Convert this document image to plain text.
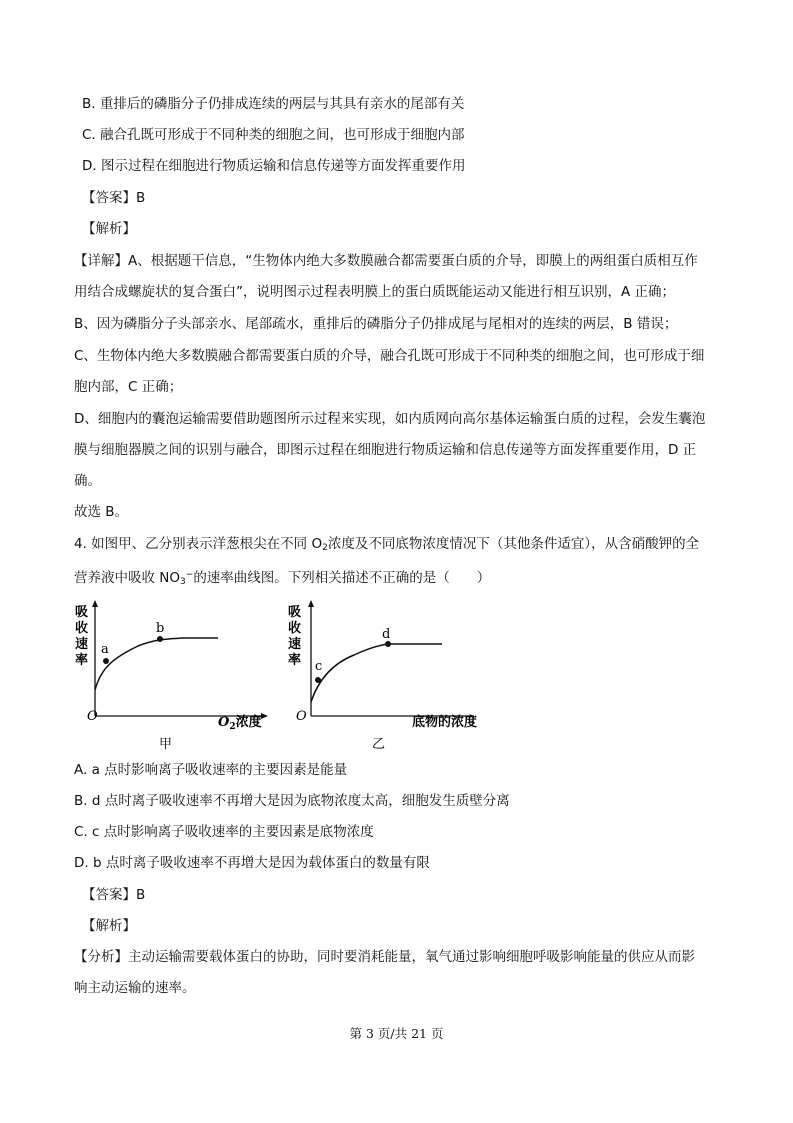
B. 重排后的磷脂分子仍排成连续的两层与其具有亲水的尾部有关
C. 融合孔既可形成于不同种类的细胞之间，也可形成于细胞内部
D. 图示过程在细胞进行物质运输和信息传递等方面发挥重要作用
【答案】B
【解析】
【详解】A、根据题干信息，“生物体内绝大多数膜融合都需要蛋白质的介导，即膜上的两组蛋白质相互作
用结合成螺旋状的复合蛋白”，说明图示过程表明膜上的蛋白质既能运动又能进行相互识别，A 正确；
B、因为磷脂分子头部亲水、尾部疏水，重排后的磷脂分子仍排成尾与尾相对的连续的两层，B 错误；
C、生物体内绝大多数膜融合都需要蛋白质的介导，融合孔既可形成于不同种类的细胞之间，也可形成于细
胞内部，C 正确；
D、细胞内的囊泡运输需要借助题图所示过程来实现，如内质网向高尔基体运输蛋白质的过程，会发生囊泡
膜与细胞器膜之间的识别与融合，即图示过程在细胞进行物质运输和信息传递等方面发挥重要作用，D 正
确。
故选 B。
4. 如图甲、乙分别表示洋葱根尖在不同 $O_2$浓度及不同底物浓度情况下（其他条件适宜），从含硝酸钾的全
营养液中吸收 $NO_3^-$的速率曲线图。下列相关描述不正确的是（　　）
吸
收
速
率
O
a
b
$O_2$浓度
甲
吸
收
速
率
O
c
d
底物的浓度
乙
A. a 点时影响离子吸收速率的主要因素是能量
B. d 点时离子吸收速率不再增大是因为底物浓度太高，细胞发生质壁分离
C. c 点时影响离子吸收速率的主要因素是底物浓度
D. b 点时离子吸收速率不再增大是因为载体蛋白的数量有限
【答案】B
【解析】
【分析】主动运输需要载体蛋白的协助，同时要消耗能量，氧气通过影响细胞呼吸影响能量的供应从而影
响主动运输的速率。
第 3 页/共 21 页
